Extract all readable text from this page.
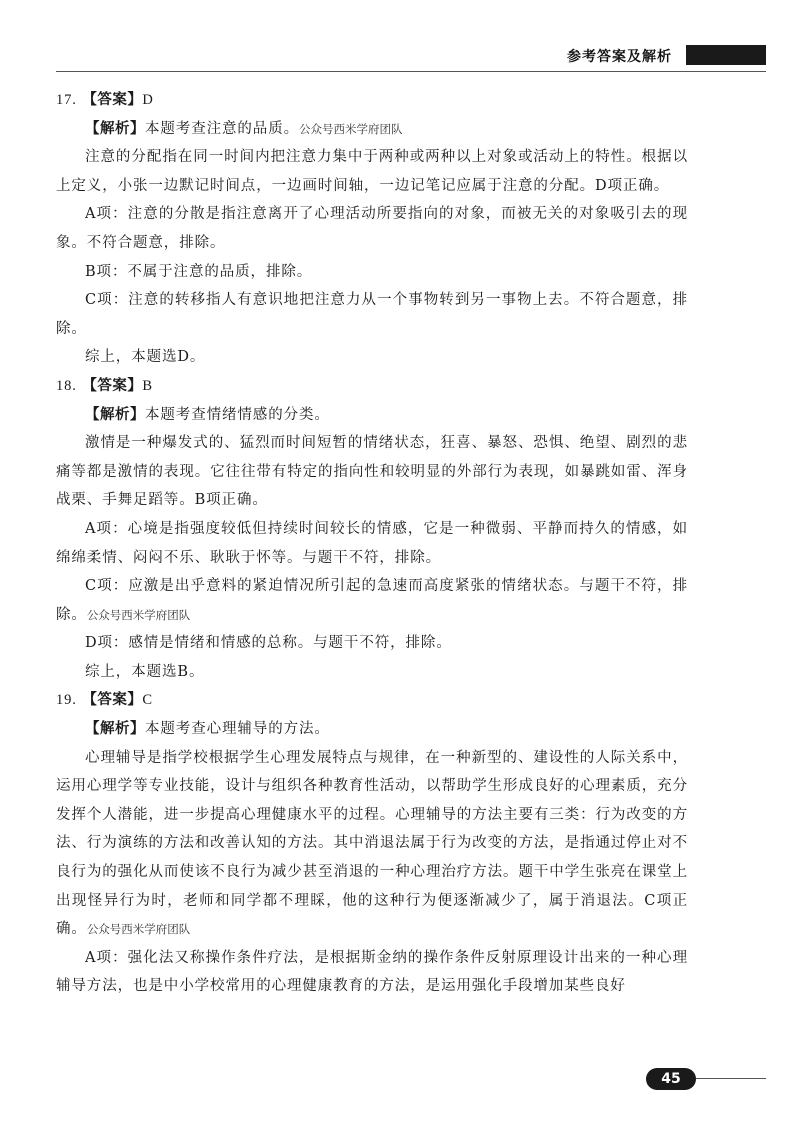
参考答案及解析

17. 【答案】D

【解析】本题考查注意的品质。公众号西米学府团队

注意的分配指在同一时间内把注意力集中于两种或两种以上对象或活动上的特性。根据以上定义，小张一边默记时间点，一边画时间轴，一边记笔记应属于注意的分配。D项正确。

A项：注意的分散是指注意离开了心理活动所要指向的对象，而被无关的对象吸引去的现象。不符合题意，排除。

B项：不属于注意的品质，排除。

C项：注意的转移指人有意识地把注意力从一个事物转到另一事物上去。不符合题意，排除。

综上，本题选D。

18. 【答案】B

【解析】本题考查情绪情感的分类。

激情是一种爆发式的、猛烈而时间短暂的情绪状态，狂喜、暴怒、恐惧、绝望、剧烈的悲痛等都是激情的表现。它往往带有特定的指向性和较明显的外部行为表现，如暴跳如雷、浑身战栗、手舞足蹈等。B项正确。

A项：心境是指强度较低但持续时间较长的情感，它是一种微弱、平静而持久的情感，如绵绵柔情、闷闷不乐、耿耿于怀等。与题干不符，排除。

C项：应激是出乎意料的紧迫情况所引起的急速而高度紧张的情绪状态。与题干不符，排除。公众号西米学府团队

D项：感情是情绪和情感的总称。与题干不符，排除。

综上，本题选B。

19. 【答案】C

【解析】本题考查心理辅导的方法。

心理辅导是指学校根据学生心理发展特点与规律，在一种新型的、建设性的人际关系中，运用心理学等专业技能，设计与组织各种教育性活动，以帮助学生形成良好的心理素质，充分发挥个人潜能，进一步提高心理健康水平的过程。心理辅导的方法主要有三类：行为改变的方法、行为演练的方法和改善认知的方法。其中消退法属于行为改变的方法，是指通过停止对不良行为的强化从而使该不良行为减少甚至消退的一种心理治疗方法。题干中学生张亮在课堂上出现怪异行为时，老师和同学都不理睬，他的这种行为便逐渐减少了，属于消退法。C项正确。公众号西米学府团队

A项：强化法又称操作条件疗法，是根据斯金纳的操作条件反射原理设计出来的一种心理辅导方法，也是中小学校常用的心理健康教育的方法，是运用强化手段增加某些良好

45
